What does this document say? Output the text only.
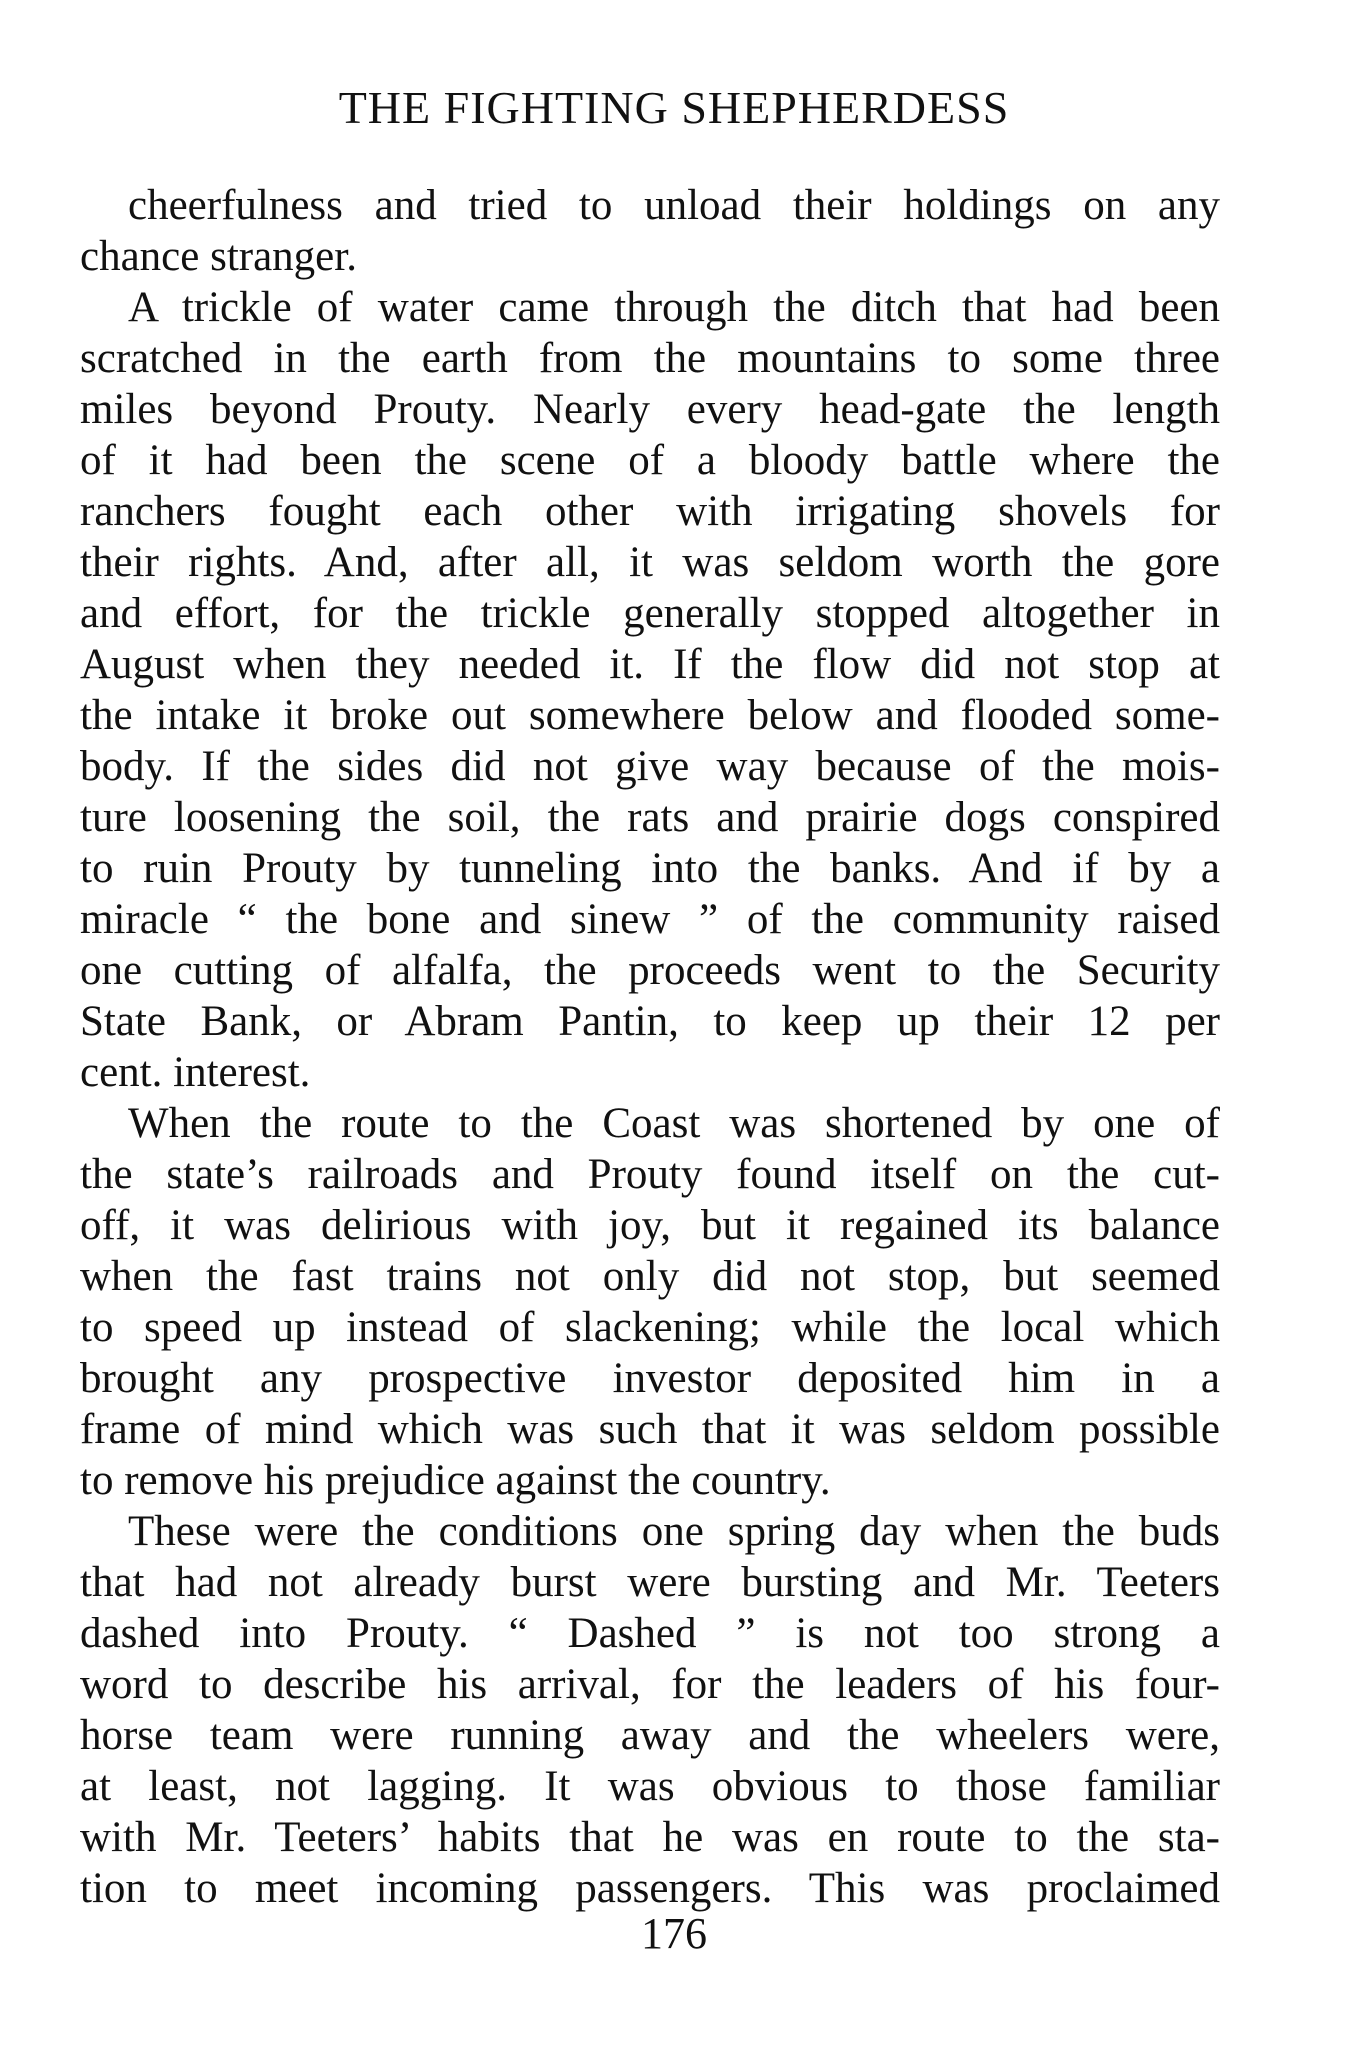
THE FIGHTING SHEPHERDESS
cheerfulness and tried to unload their holdings on any
chance stranger.
A trickle of water came through the ditch that had been
scratched in the earth from the mountains to some three
miles beyond Prouty. Nearly every head-gate the length
of it had been the scene of a bloody battle where the
ranchers fought each other with irrigating shovels for
their rights. And, after all, it was seldom worth the gore
and effort, for the trickle generally stopped altogether in
August when they needed it. If the flow did not stop at
the intake it broke out somewhere below and flooded some-
body. If the sides did not give way because of the mois-
ture loosening the soil, the rats and prairie dogs conspired
to ruin Prouty by tunneling into the banks. And if by a
miracle “ the bone and sinew ” of the community raised
one cutting of alfalfa, the proceeds went to the Security
State Bank, or Abram Pantin, to keep up their 12 per
cent. interest.
When the route to the Coast was shortened by one of
the state’s railroads and Prouty found itself on the cut-
off, it was delirious with joy, but it regained its balance
when the fast trains not only did not stop, but seemed
to speed up instead of slackening; while the local which
brought any prospective investor deposited him in a
frame of mind which was such that it was seldom possible
to remove his prejudice against the country.
These were the conditions one spring day when the buds
that had not already burst were bursting and Mr. Teeters
dashed into Prouty. “ Dashed ” is not too strong a
word to describe his arrival, for the leaders of his four-
horse team were running away and the wheelers were,
at least, not lagging. It was obvious to those familiar
with Mr. Teeters’ habits that he was en route to the sta-
tion to meet incoming passengers. This was proclaimed
176
